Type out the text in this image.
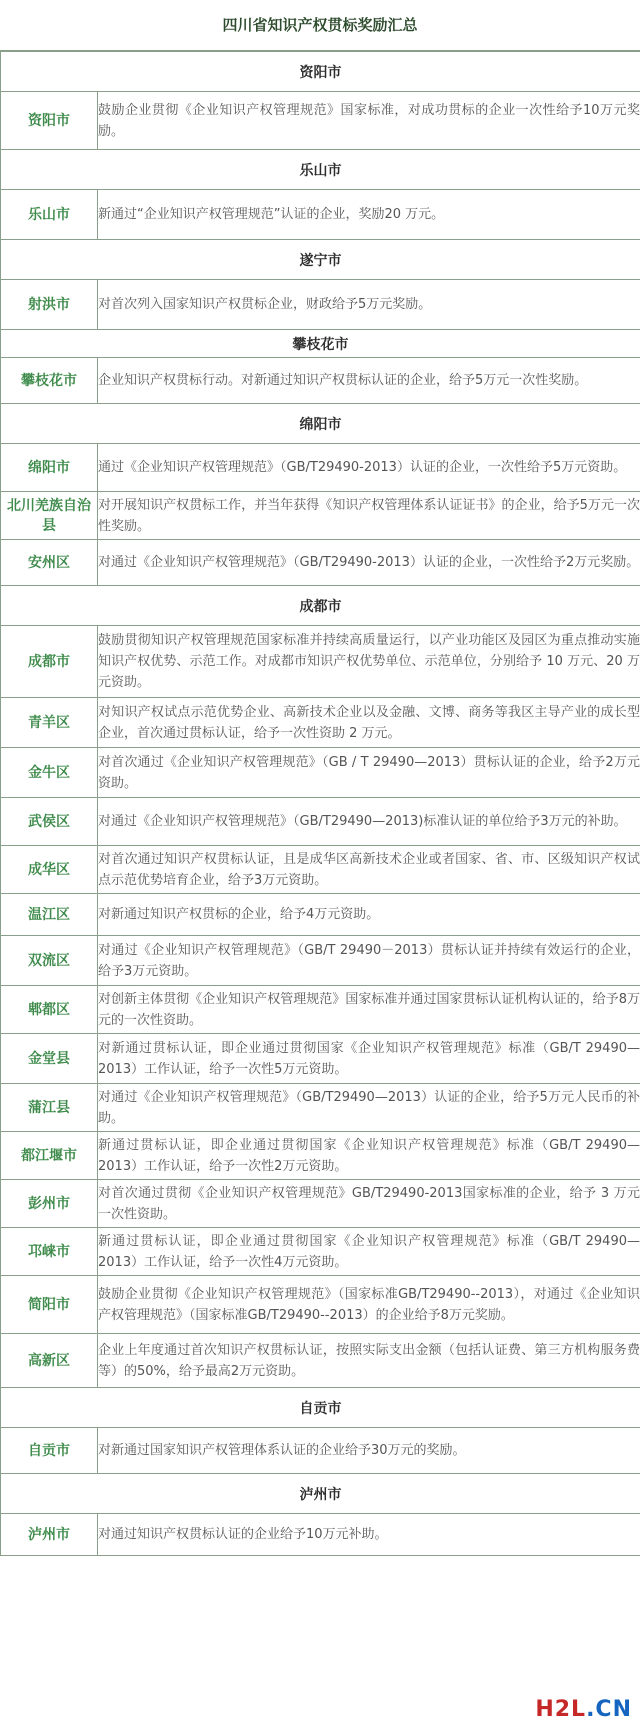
四川省知识产权贯标奖励汇总
资阳市	
资阳市	鼓励企业贯彻《企业知识产权管理规范》国家标准，对成功贯标的企业一次性给予10万元奖励。
乐山市	
乐山市	新通过“企业知识产权管理规范”认证的企业，奖励20 万元。
遂宁市	
射洪市	对首次列入国家知识产权贯标企业，财政给予5万元奖励。
攀枝花市	
攀枝花市	企业知识产权贯标行动。对新通过知识产权贯标认证的企业，给予5万元一次性奖励。
绵阳市	
绵阳市	通过《企业知识产权管理规范》（GB/T29490-2013）认证的企业，一次性给予5万元资助。
北川羌族自治县	对开展知识产权贯标工作，并当年获得《知识产权管理体系认证证书》的企业，给予5万元一次性奖励。
安州区	对通过《企业知识产权管理规范》（GB/T29490-2013）认证的企业，一次性给予2万元奖励。
成都市	
成都市	鼓励贯彻知识产权管理规范国家标准并持续高质量运行，以产业功能区及园区为重点推动实施知识产权优势、示范工作。对成都市知识产权优势单位、示范单位，分别给予 10 万元、20 万元资助。
青羊区	对知识产权试点示范优势企业、高新技术企业以及金融、文博、商务等我区主导产业的成长型企业，首次通过贯标认证，给予一次性资助 2 万元。
金牛区	对首次通过《企业知识产权管理规范》（GB / T 29490—2013）贯标认证的企业，给予2万元资助。
武侯区	对通过《企业知识产权管理规范》（GB/T29490—2013)标准认证的单位给予3万元的补助。
成华区	对首次通过知识产权贯标认证，且是成华区高新技术企业或者国家、省、市、区级知识产权试点示范优势培育企业，给予3万元资助。
温江区	对新通过知识产权贯标的企业，给予4万元资助。
双流区	对通过《企业知识产权管理规范》（GB/T 29490－2013）贯标认证并持续有效运行的企业，给予3万元资助。
郫都区	对创新主体贯彻《企业知识产权管理规范》国家标准并通过国家贯标认证机构认证的，给予8万元的一次性资助。
金堂县	对新通过贯标认证，即企业通过贯彻国家《企业知识产权管理规范》标准（GB/T 29490—2013）工作认证，给予一次性5万元资助。
蒲江县	对通过《企业知识产权管理规范》（GB/T29490—2013）认证的企业，给予5万元人民币的补助。
都江堰市	新通过贯标认证，即企业通过贯彻国家《企业知识产权管理规范》标准（GB/T 29490—2013）工作认证，给予一次性2万元资助。
彭州市	对首次通过贯彻《企业知识产权管理规范》GB/T29490-2013国家标准的企业，给予 3 万元一次性资助。
邛崃市	新通过贯标认证，即企业通过贯彻国家《企业知识产权管理规范》标准（GB/T 29490—2013）工作认证，给予一次性4万元资助。
简阳市	鼓励企业贯彻《企业知识产权管理规范》（国家标准GB/T29490--2013），对通过《企业知识产权管理规范》（国家标准GB/T29490--2013）的企业给予8万元奖励。
高新区	企业上年度通过首次知识产权贯标认证，按照实际支出金额（包括认证费、第三方机构服务费等）的50%，给予最高2万元资助。
自贡市	
自贡市	对新通过国家知识产权管理体系认证的企业给予30万元的奖励。
泸州市	
泸州市	对通过知识产权贯标认证的企业给予10万元补助。
H2L.CN
